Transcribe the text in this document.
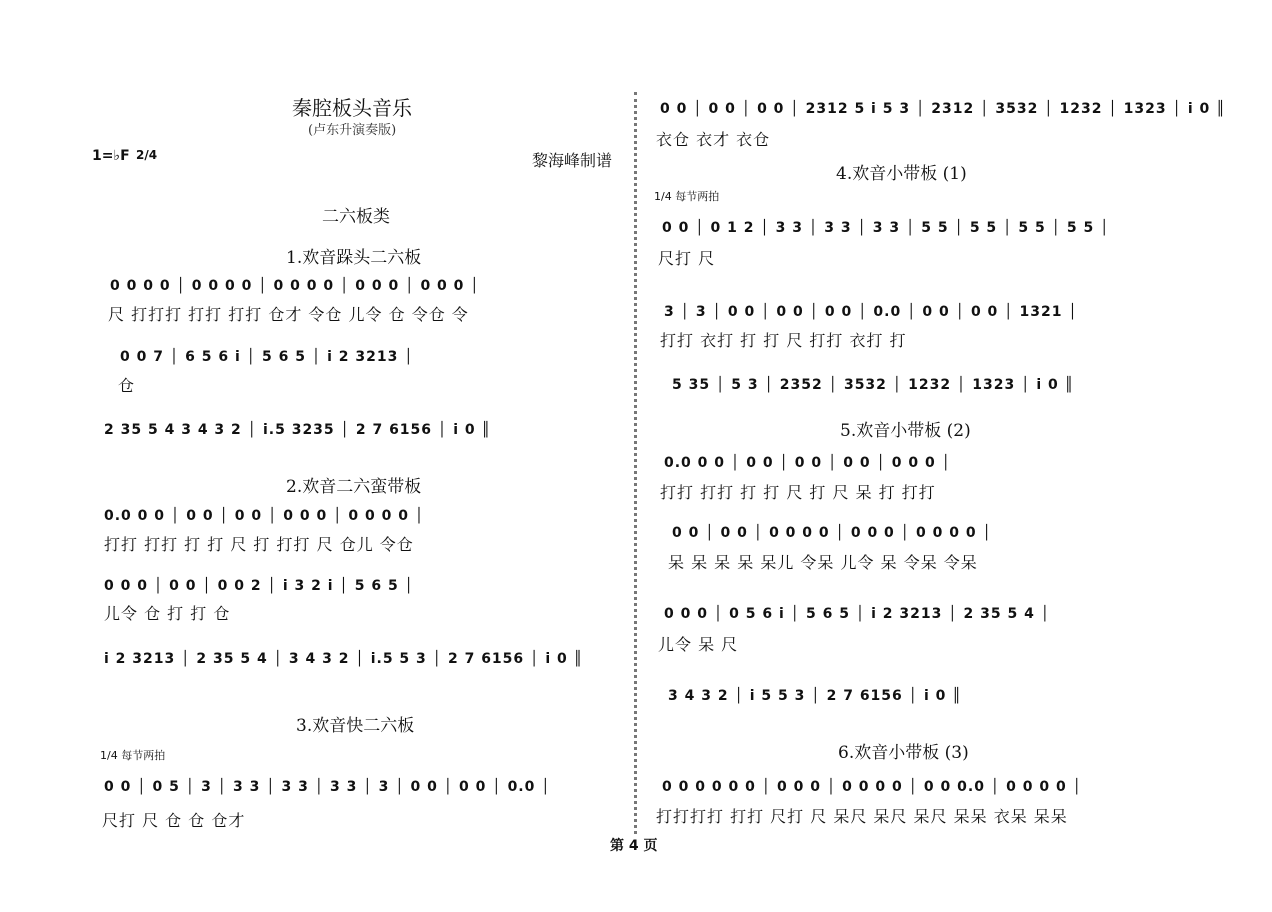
秦腔板头音乐
(卢东升演奏版)
1=♭F 2/4	黎海峰制谱
二六板类
1.欢音跺头二六板
0 0 0 0 │ 0 0 0 0 │ 0 0 0 0 │ 0 0 0 │ 0 0 0 │
尺 打打打 打打 打打 仓才 令仓 儿令 仓 令仓 令
0 0 7 │ 6 5 6 i │ 5 6 5 │ i 2 3213 │
仓
2 35 5 4 3 4 3 2 │ i.5 3235 │ 2 7 6156 │ i 0 ║
2.欢音二六蛮带板
0.0 0 0 │ 0 0 │ 0 0 │ 0 0 0 │ 0 0 0 0 │
打打 打打 打 打 尺 打 打打 尺 仓儿 令仓
0 0 0 │ 0 0 │ 0 0 2 │ i 3 2 i │ 5 6 5 │
儿令 仓 打 打 仓
i 2 3213 │ 2 35 5 4 │ 3 4 3 2 │ i.5 5 3 │ 2 7 6156 │ i 0 ║
3.欢音快二六板
1/4 每节两拍
0 0 │ 0 5 │ 3 │ 3 3 │ 3 3 │ 3 3 │ 3 │ 0 0 │ 0 0 │ 0.0 │
尺打 尺 仓 仓 仓才
0 0 │ 0 0 │ 0 0 │ 2312 5 i 5 3 │ 2312 │ 3532 │ 1232 │ 1323 │ i 0 ║
衣仓 衣才 衣仓
4.欢音小带板 (1)
1/4 每节两拍
0 0 │ 0 1 2 │ 3 3 │ 3 3 │ 3 3 │ 5 5 │ 5 5 │ 5 5 │ 5 5 │
尺打 尺
3 │ 3 │ 0 0 │ 0 0 │ 0 0 │ 0.0 │ 0 0 │ 0 0 │ 1321 │
打打 衣打 打 打 尺 打打 衣打 打
5 35 │ 5 3 │ 2352 │ 3532 │ 1232 │ 1323 │ i 0 ║
5.欢音小带板 (2)
0.0 0 0 │ 0 0 │ 0 0 │ 0 0 │ 0 0 0 │
打打 打打 打 打 尺 打 尺 呆 打 打打
0 0 │ 0 0 │ 0 0 0 0 │ 0 0 0 │ 0 0 0 0 │
呆 呆 呆 呆 呆儿 令呆 儿令 呆 令呆 令呆
0 0 0 │ 0 5 6 i │ 5 6 5 │ i 2 3213 │ 2 35 5 4 │
儿令 呆 尺
3 4 3 2 │ i 5 5 3 │ 2 7 6156 │ i 0 ║
6.欢音小带板 (3)
0 0 0 0 0 0 │ 0 0 0 │ 0 0 0 0 │ 0 0 0.0 │ 0 0 0 0 │
打打打打 打打 尺打 尺 呆尺 呆尺 呆尺 呆呆 衣呆 呆呆
第 4 页
